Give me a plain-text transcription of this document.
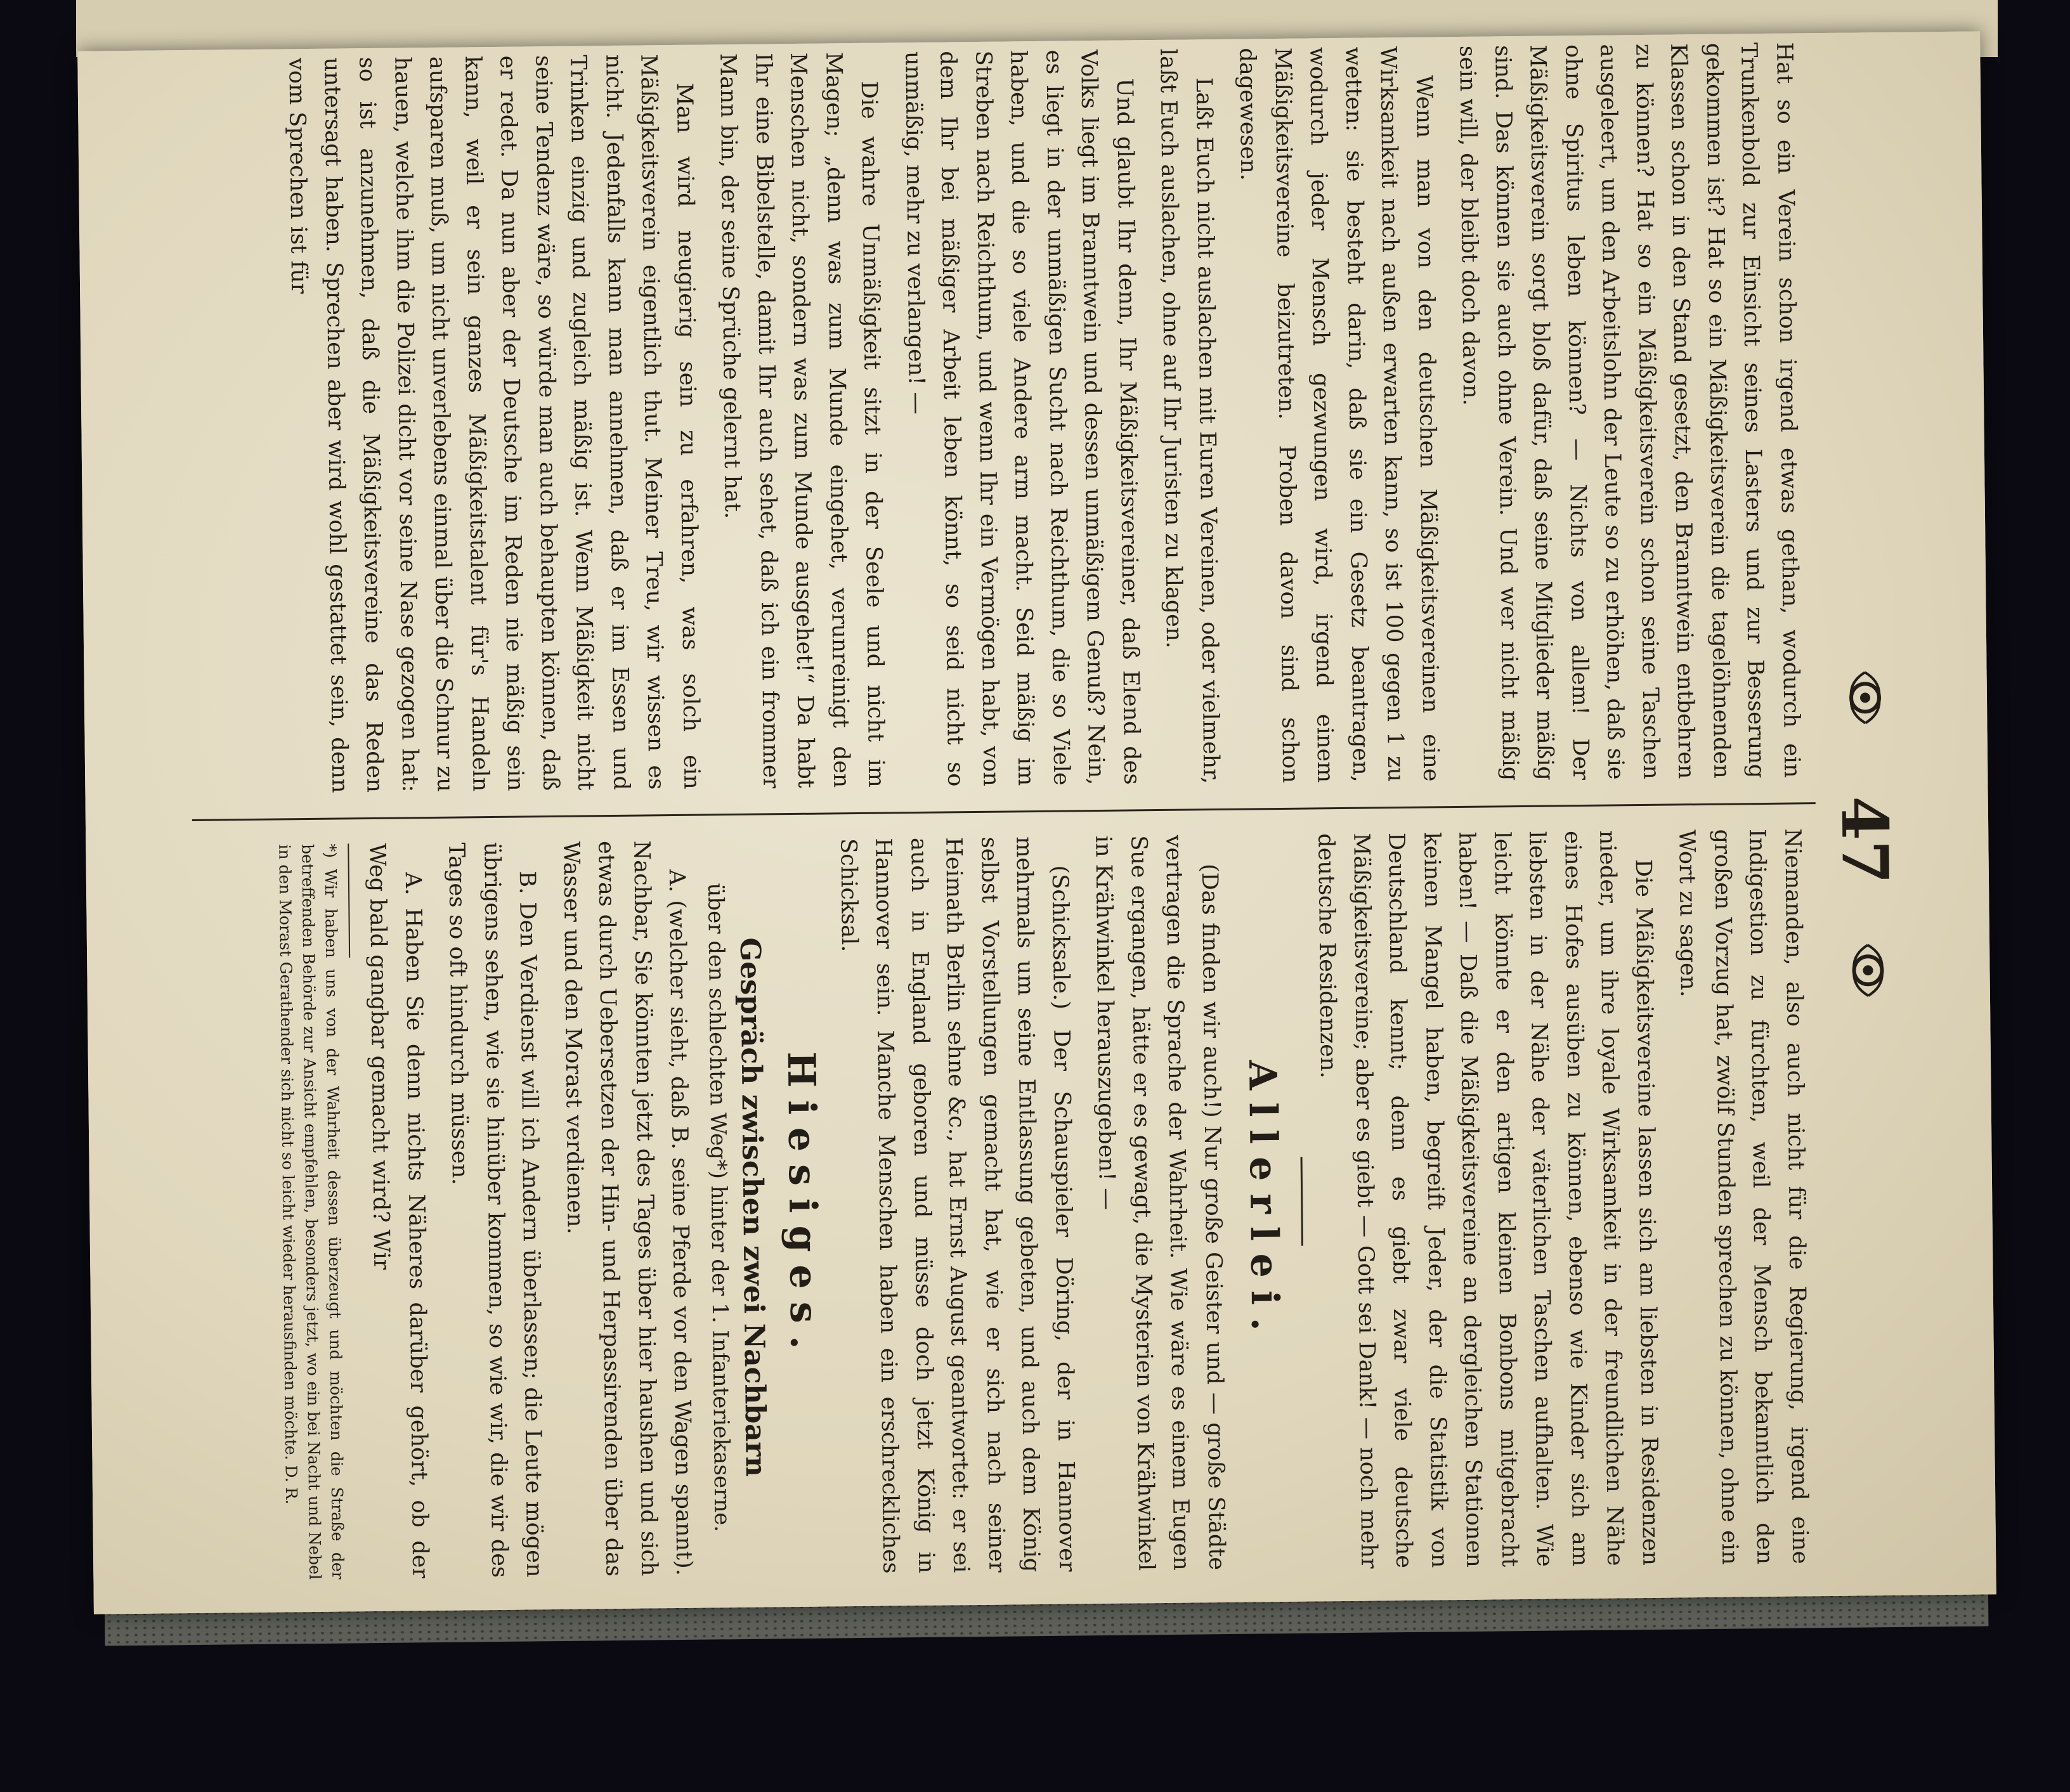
47

Hat so ein Verein schon irgend etwas gethan, wodurch ein Trunkenbold zur Einsicht seines Lasters und zur Besserung gekommen ist? Hat so ein Mäßigkeitsverein die tagelöhnenden Klassen schon in den Stand gesetzt, den Branntwein entbehren zu können? Hat so ein Mäßigkeitsverein schon seine Taschen ausgeleert, um den Arbeitslohn der Leute so zu erhöhen, daß sie ohne Spiritus leben können? — Nichts von allem! Der Mäßigkeitsverein sorgt bloß dafür, daß seine Mitglieder mäßig sind. Das können sie auch ohne Verein. Und wer nicht mäßig sein will, der bleibt doch davon.

Wenn man von den deutschen Mäßigkeitsvereinen eine Wirksamkeit nach außen erwarten kann, so ist 100 gegen 1 zu wetten: sie besteht darin, daß sie ein Gesetz beantragen, wodurch jeder Mensch gezwungen wird, irgend einem Mäßigkeitsvereine beizutreten. Proben davon sind schon dagewesen.

Laßt Euch nicht auslachen mit Euren Vereinen, oder vielmehr, laßt Euch auslachen, ohne auf Ihr Juristen zu klagen.

Und glaubt Ihr denn, Ihr Mäßigkeitsvereiner, daß Elend des Volks liegt im Branntwein und dessen unmäßigem Genuß? Nein, es liegt in der unmäßigen Sucht nach Reichthum, die so Viele haben, und die so viele Andere arm macht. Seid mäßig im Streben nach Reichthum, und wenn Ihr ein Vermögen habt, von dem Ihr bei mäßiger Arbeit leben könnt, so seid nicht so unmäßig, mehr zu verlangen! —

Die wahre Unmäßigkeit sitzt in der Seele und nicht im Magen; „denn was zum Munde eingehet, verunreinigt den Menschen nicht, sondern was zum Munde ausgehet!“ Da habt Ihr eine Bibelstelle, damit Ihr auch sehet, daß ich ein frommer Mann bin, der seine Sprüche gelernt hat.

Man wird neugierig sein zu erfahren, was solch ein Mäßigkeitsverein eigentlich thut. Meiner Treu, wir wissen es nicht. Jedenfalls kann man annehmen, daß er im Essen und Trinken einzig und zugleich mäßig ist. Wenn Mäßigkeit nicht seine Tendenz wäre, so würde man auch behaupten können, daß er redet. Da nun aber der Deutsche im Reden nie mäßig sein kann, weil er sein ganzes Mäßigkeitstalent für's Handeln aufsparen muß, um nicht unverlebens einmal über die Schnur zu hauen, welche ihm die Polizei dicht vor seine Nase gezogen hat: so ist anzunehmen, daß die Mäßigkeitsvereine das Reden untersagt haben. Sprechen aber wird wohl gestattet sein, denn vom Sprechen ist für

Niemanden, also auch nicht für die Regierung, irgend eine Indigestion zu fürchten, weil der Mensch bekanntlich den großen Vorzug hat, zwölf Stunden sprechen zu können, ohne ein Wort zu sagen.

Die Mäßigkeitsvereine lassen sich am liebsten in Residenzen nieder, um ihre loyale Wirksamkeit in der freundlichen Nähe eines Hofes ausüben zu können, ebenso wie Kinder sich am liebsten in der Nähe der väterlichen Taschen aufhalten. Wie leicht könnte er den artigen kleinen Bonbons mitgebracht haben! — Daß die Mäßigkeitsvereine an dergleichen Stationen keinen Mangel haben, begreift Jeder, der die Statistik von Deutschland kennt; denn es giebt zwar viele deutsche Mäßigkeitsvereine; aber es giebt — Gott sei Dank! — noch mehr deutsche Residenzen.

Allerlei.

(Das finden wir auch!) Nur große Geister und — große Städte vertragen die Sprache der Wahrheit. Wie wäre es einem Eugen Sue ergangen, hätte er es gewagt, die Mysterien von Krähwinkel in Krähwinkel herauszugeben! —

(Schicksale.) Der Schauspieler Döring, der in Hannover mehrmals um seine Entlassung gebeten, und auch dem König selbst Vorstellungen gemacht hat, wie er sich nach seiner Heimath Berlin sehne &c., hat Ernst August geantwortet: er sei auch in England geboren und müsse doch jetzt König in Hannover sein. Manche Menschen haben ein erschreckliches Schicksal.

Hiesiges.
Gespräch zwischen zwei Nachbarn
über den schlechten Weg*) hinter der 1. Infanteriekaserne.

A. (welcher sieht, daß B. seine Pferde vor den Wagen spannt). Nachbar, Sie könnten jetzt des Tages über hier haushen und sich etwas durch Uebersetzen der Hin- und Herpassirenden über das Wasser und den Morast verdienen.

B. Den Verdienst will ich Andern überlassen; die Leute mögen übrigens sehen, wie sie hinüber kommen, so wie wir, die wir des Tages so oft hindurch müssen.

A. Haben Sie denn nichts Näheres darüber gehört, ob der Weg bald gangbar gemacht wird? Wir

*) Wir haben uns von der Wahrheit dessen überzeugt und möchten die Straße der betreffenden Behörde zur Ansicht empfehlen, besonders jetzt, wo ein bei Nacht und Nebel in den Morast Gerathender sich nicht so leicht wieder herausfinden möchte. D. R.
